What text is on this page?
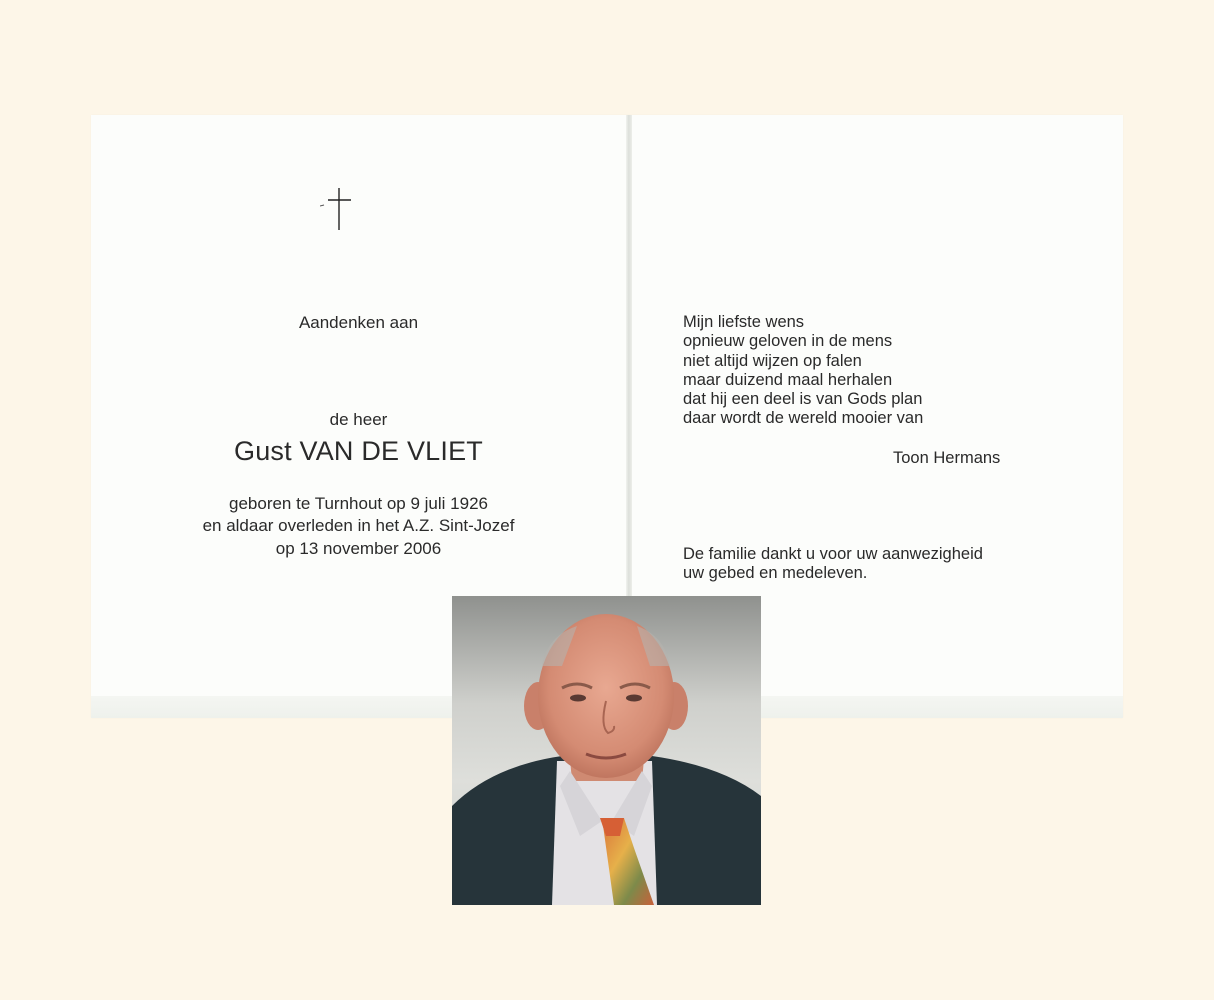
Aandenken aan
de heer
Gust VAN DE VLIET
geboren te Turnhout op 9 juli 1926
en aldaar overleden in het A.Z. Sint-Jozef
op 13 november 2006
Mijn liefste wens
opnieuw geloven in de mens
niet altijd wijzen op falen
maar duizend maal herhalen
dat hij een deel is van Gods plan
daar wordt de wereld mooier van
Toon Hermans
De familie dankt u voor uw aanwezigheid
uw gebed en medeleven.
